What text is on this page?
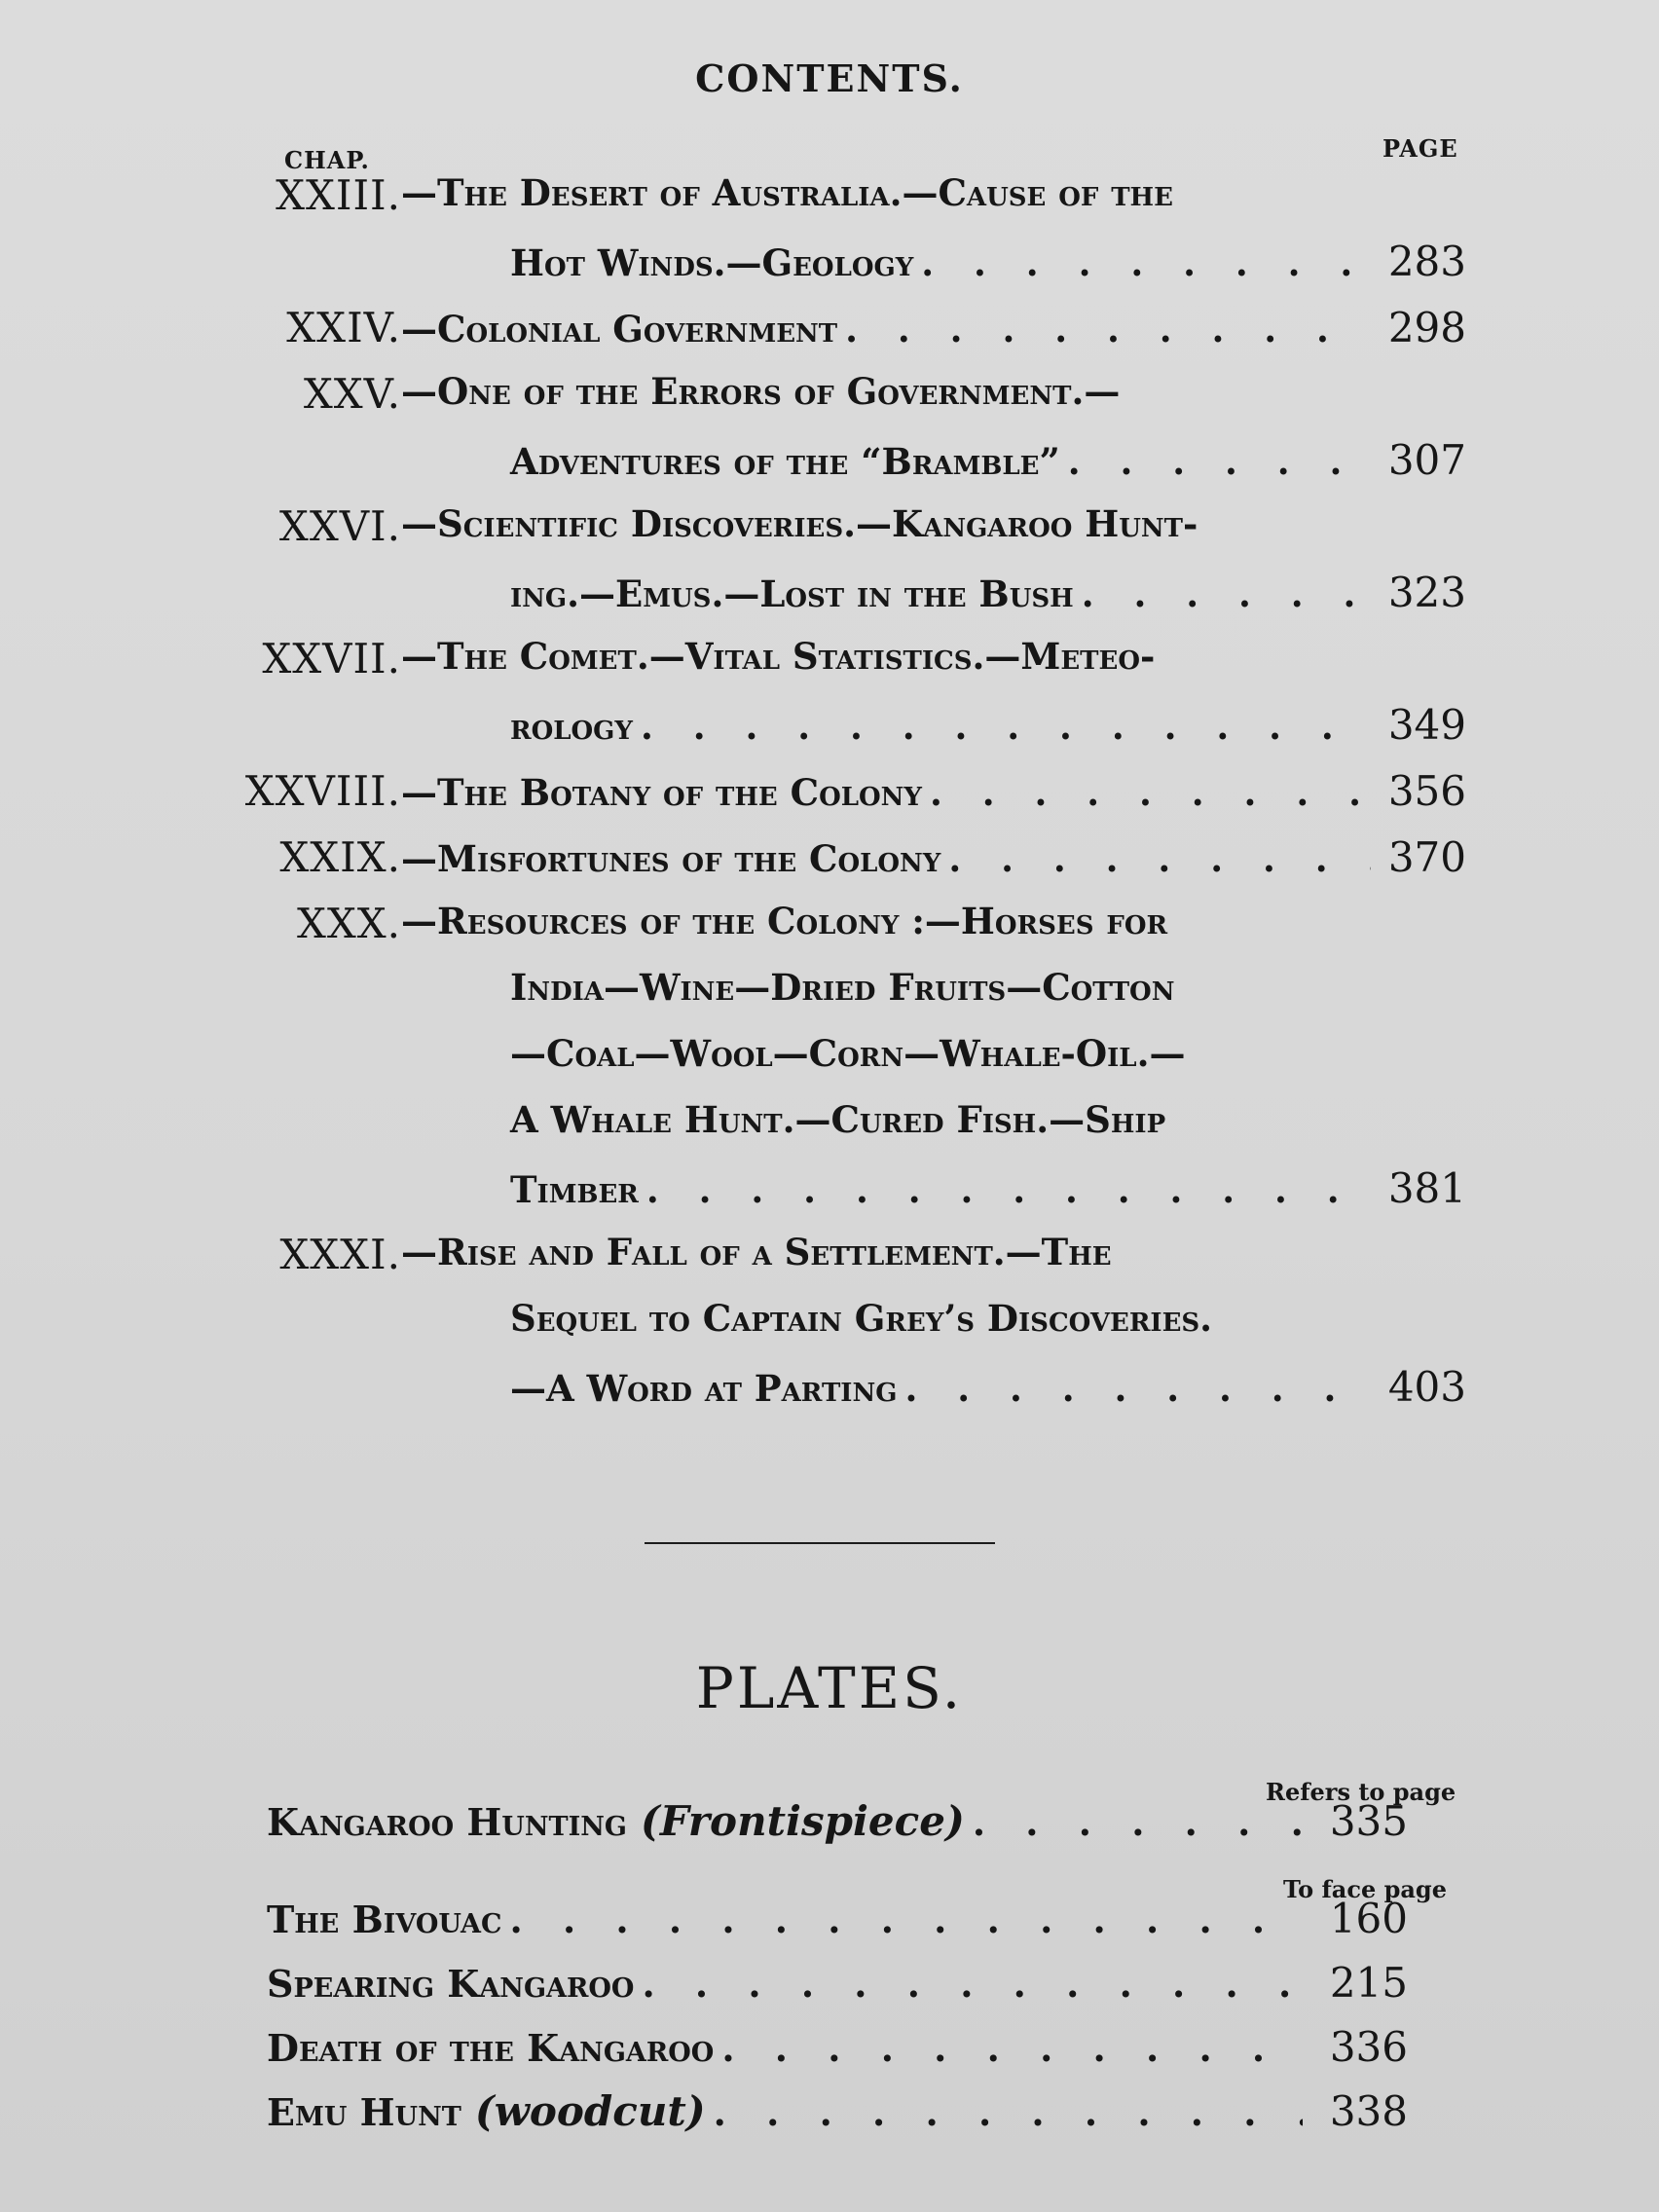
CONTENTS.
CHAP.	PAGE
XXIII. —The Desert of Australia.—Cause of the
Hot Winds.—Geology . . .	283
XXIV. —Colonial Government . . .	298
XXV. —One of the Errors of Government.—
Adventures of the “Bramble” . . .	307
XXVI. —Scientific Discoveries.—Kangaroo Hunt-
ing.—Emus.—Lost in the Bush . . .	323
XXVII. —The Comet.—Vital Statistics.—Meteo-
rology . . .	349
XXVIII. —The Botany of the Colony . . .	356
XXIX. —Misfortunes of the Colony . . .	370
XXX. —Resources of the Colony :—Horses for
India—Wine—Dried Fruits—Cotton
—Coal—Wool—Corn—Whale-Oil.—
A Whale Hunt.—Cured Fish.—Ship
Timber . . .	381
XXXI. —Rise and Fall of a Settlement.—The
Sequel to Captain Grey’s Discoveries.
—A Word at Parting . . .	403
PLATES.
Refers to page
To face page
Kangaroo Hunting (Frontispiece) . . .	335
The Bivouac . . .	160
Spearing Kangaroo . . .	215
Death of the Kangaroo . . .	336
Emu Hunt (woodcut) . . .	338
